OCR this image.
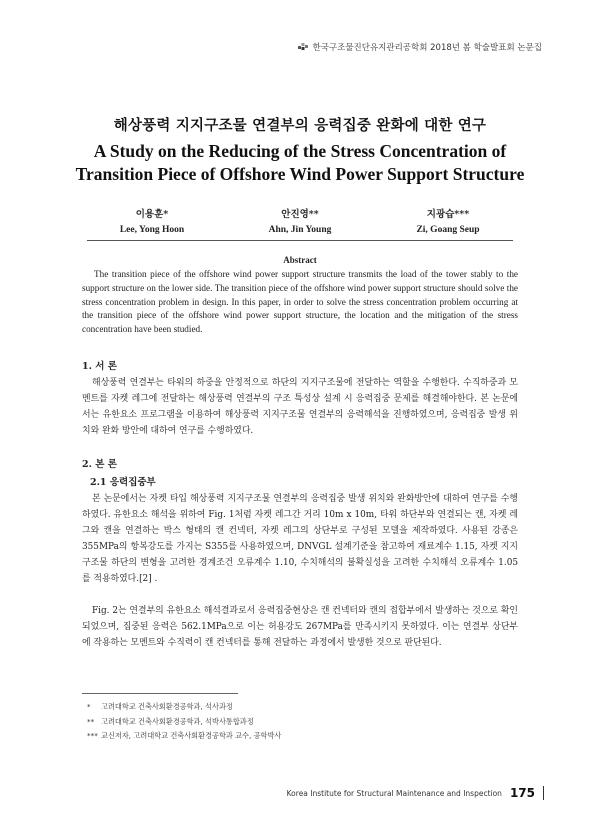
한국구조물진단유지관리공학회 2018년 봄 학술발표회 논문집
해상풍력 지지구조물 연결부의 응력집중 완화에 대한 연구
A Study on the Reducing of the Stress Concentration of
Transition Piece of Offshore Wind Power Support Structure
이용훈*
Lee, Yong Hoon
안진영**
Ahn, Jin Young
지광습***
Zi, Goang Seup
Abstract

The transition piece of the offshore wind power support structure transmits the load of the tower stably to the support structure on the lower side. The transition piece of the offshore wind power support structure should solve the stress concentration problem in design. In this paper, in order to solve the stress concentration problem occurring at the transition piece of the offshore wind power support structure, the location and the mitigation of the stress concentration have been studied.

1. 서 론

해상풍력 연결부는 타워의 하중을 안정적으로 하단의 지지구조물에 전달하는 역할을 수행한다. 수직하중과 모멘트를 자켓 레그에 전달하는 해상풍력 연결부의 구조 특성상 설계 시 응력집중 문제를 해결해야한다. 본 논문에서는 유한요소 프로그램을 이용하여 해상풍력 지지구조물 연결부의 응력해석을 진행하였으며, 응력집중 발생 위치와 완화 방안에 대하여 연구를 수행하였다.

2. 본 론
2.1 응력집중부

본 논문에서는 자켓 타입 해상풍력 지지구조물 연결부의 응력집중 발생 위치와 완화방안에 대하여 연구를 수행하였다. 유한요소 해석을 위하여 Fig. 1처럼 자켓 레그간 거리 10m x 10m, 타워 하단부와 연결되는 캔, 자켓 레그와 캔을 연결하는 박스 형태의 캔 컨넥터, 자켓 레그의 상단부로 구성된 모델을 제작하였다. 사용된 강종은 355MPa의 항복강도를 가지는 S355를 사용하였으며, DNVGL 설계기준을 참고하여 재료계수 1.15, 자켓 지지구조물 하단의 변형을 고려한 경계조건 오류계수 1.10, 수치해석의 불확실성을 고려한 수치해석 오류계수 1.05를 적용하였다.[2] .

Fig. 2는 연결부의 유한요소 해석결과로서 응력집중현상은 캔 컨넥터와 캔의 접합부에서 발생하는 것으로 확인되었으며, 집중된 응력은 562.1MPa으로 이는 허용강도 267MPa를 만족시키지 못하였다. 이는 연결부 상단부에 작용하는 모멘트와 수직력이 캔 컨넥터를 통해 전달하는 과정에서 발생한 것으로 판단된다.

* 고려대학교 건축사회환경공학과, 석사과정
** 고려대학교 건축사회환경공학과, 석박사통합과정
*** 교신저자, 고려대학교 건축사회환경공학과 교수, 공학박사
Korea Institute for Structural Maintenance and Inspection 175
